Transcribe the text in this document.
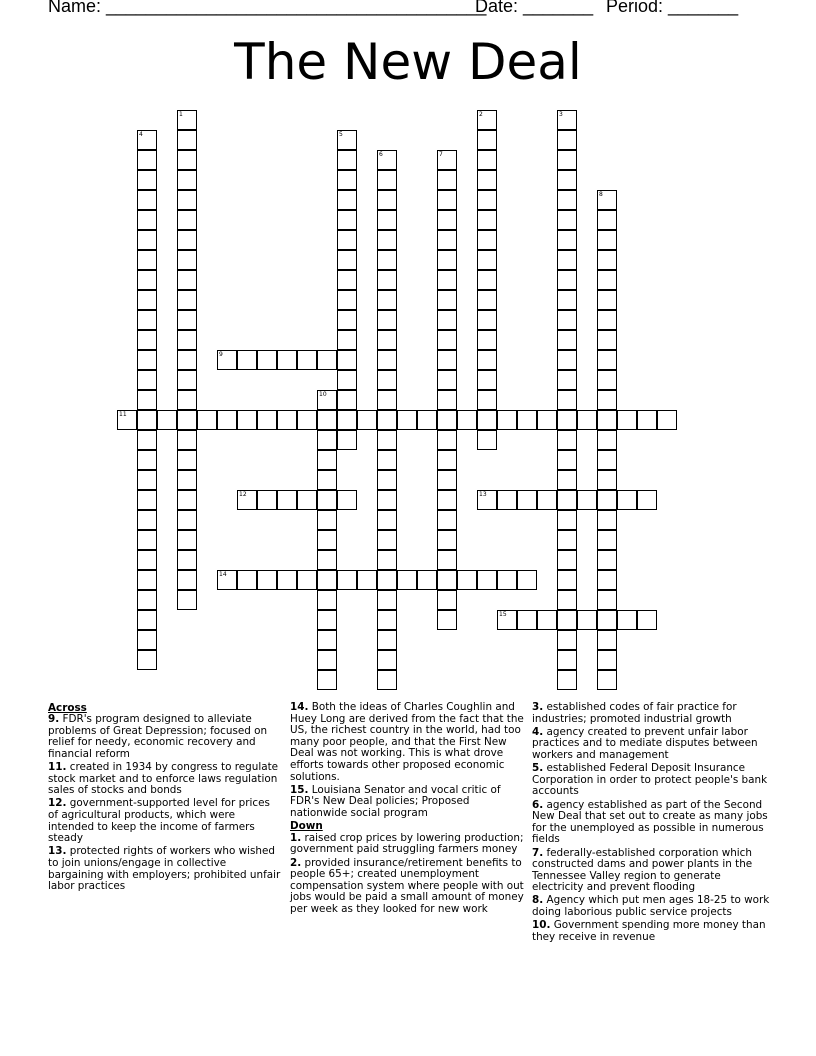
Name: ______________________________________
Date: _______ Period: _______
The New Deal
1	2	3
4	5
6	7
8
9
10
11
12	13
14
15
Across
9. FDR's program designed to alleviate problems of Great Depression; focused on relief for needy, economic recovery and financial reform
11. created in 1934 by congress to regulate stock market and to enforce laws regulation sales of stocks and bonds
12. government-supported level for prices of agricultural products, which were intended to keep the income of farmers steady
13. protected rights of workers who wished to join unions/engage in collective bargaining with employers; prohibited unfair labor practices
14. Both the ideas of Charles Coughlin and Huey Long are derived from the fact that the US, the richest country in the world, had too many poor people, and that the First New Deal was not working. This is what drove efforts towards other proposed economic solutions.
15. Louisiana Senator and vocal critic of FDR's New Deal policies; Proposed nationwide social program
Down
1. raised crop prices by lowering production; government paid struggling farmers money
2. provided insurance/retirement benefits to people 65+; created unemployment compensation system where people with out jobs would be paid a small amount of money per week as they looked for new work
3. established codes of fair practice for industries; promoted industrial growth
4. agency created to prevent unfair labor practices and to mediate disputes between workers and management
5. established Federal Deposit Insurance Corporation in order to protect people's bank accounts
6. agency established as part of the Second New Deal that set out to create as many jobs for the unemployed as possible in numerous fields
7. federally-established corporation which constructed dams and power plants in the Tennessee Valley region to generate electricity and prevent flooding
8. Agency which put men ages 18-25 to work doing laborious public service projects
10. Government spending more money than they receive in revenue
